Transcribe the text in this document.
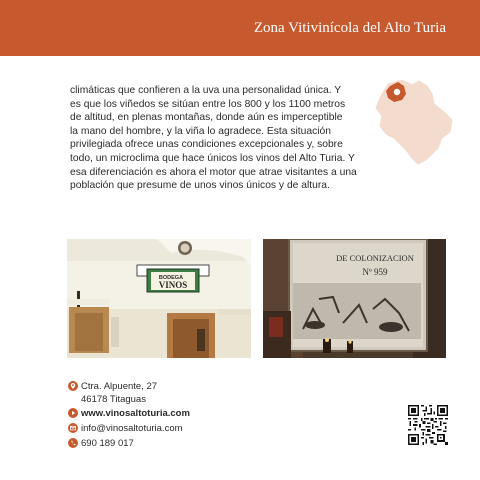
Zona Vitivinícola del Alto Turia

climáticas que confieren a la uva una personalidad única. Y

es que los viñedos se sitúan entre los 800 y los 1100 metros

de altitud, en plenas montañas, donde aún es imperceptible

la mano del hombre, y la viña lo agradece. Esta situación

privilegiada ofrece unas condiciones excepcionales y, sobre

todo, un microclima que hace únicos los vinos del Alto Turia. Y

esa diferenciación es ahora el motor que atrae visitantes a una

población que presume de unos vinos únicos y de altura.

BODEGA
VINOS
DE COLONIZACION
Nº 959
Ctra. Alpuente, 27
46178 Titaguas
www.vinosaltoturia.com
info@vinosaltoturia.com
690 189 017
